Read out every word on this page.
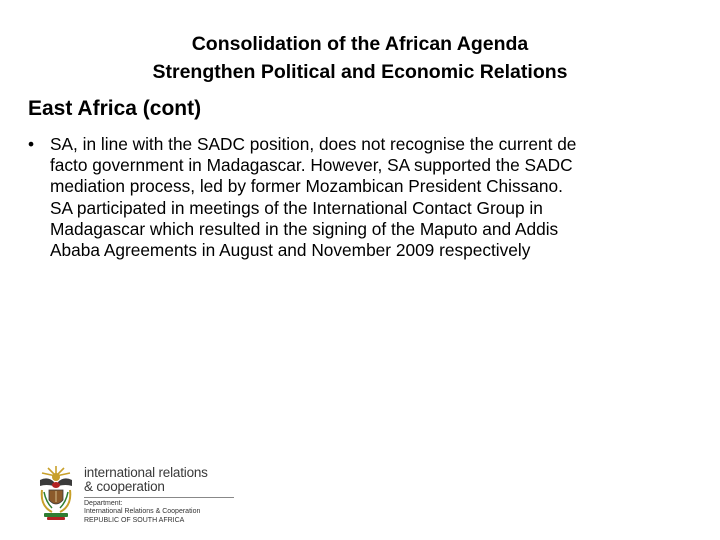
Consolidation of the African Agenda
Strengthen Political and Economic Relations
East Africa (cont)
• SA, in line with the SADC position, does not recognise the current de
facto government in Madagascar. However, SA supported the SADC
mediation process, led by former Mozambican President Chissano.
SA participated in meetings of the International Contact Group in
Madagascar which resulted in the signing of the Maputo and Addis
Ababa Agreements in August and November 2009 respectively
international relations
& cooperation
Department:
International Relations & Cooperation
REPUBLIC OF SOUTH AFRICA
